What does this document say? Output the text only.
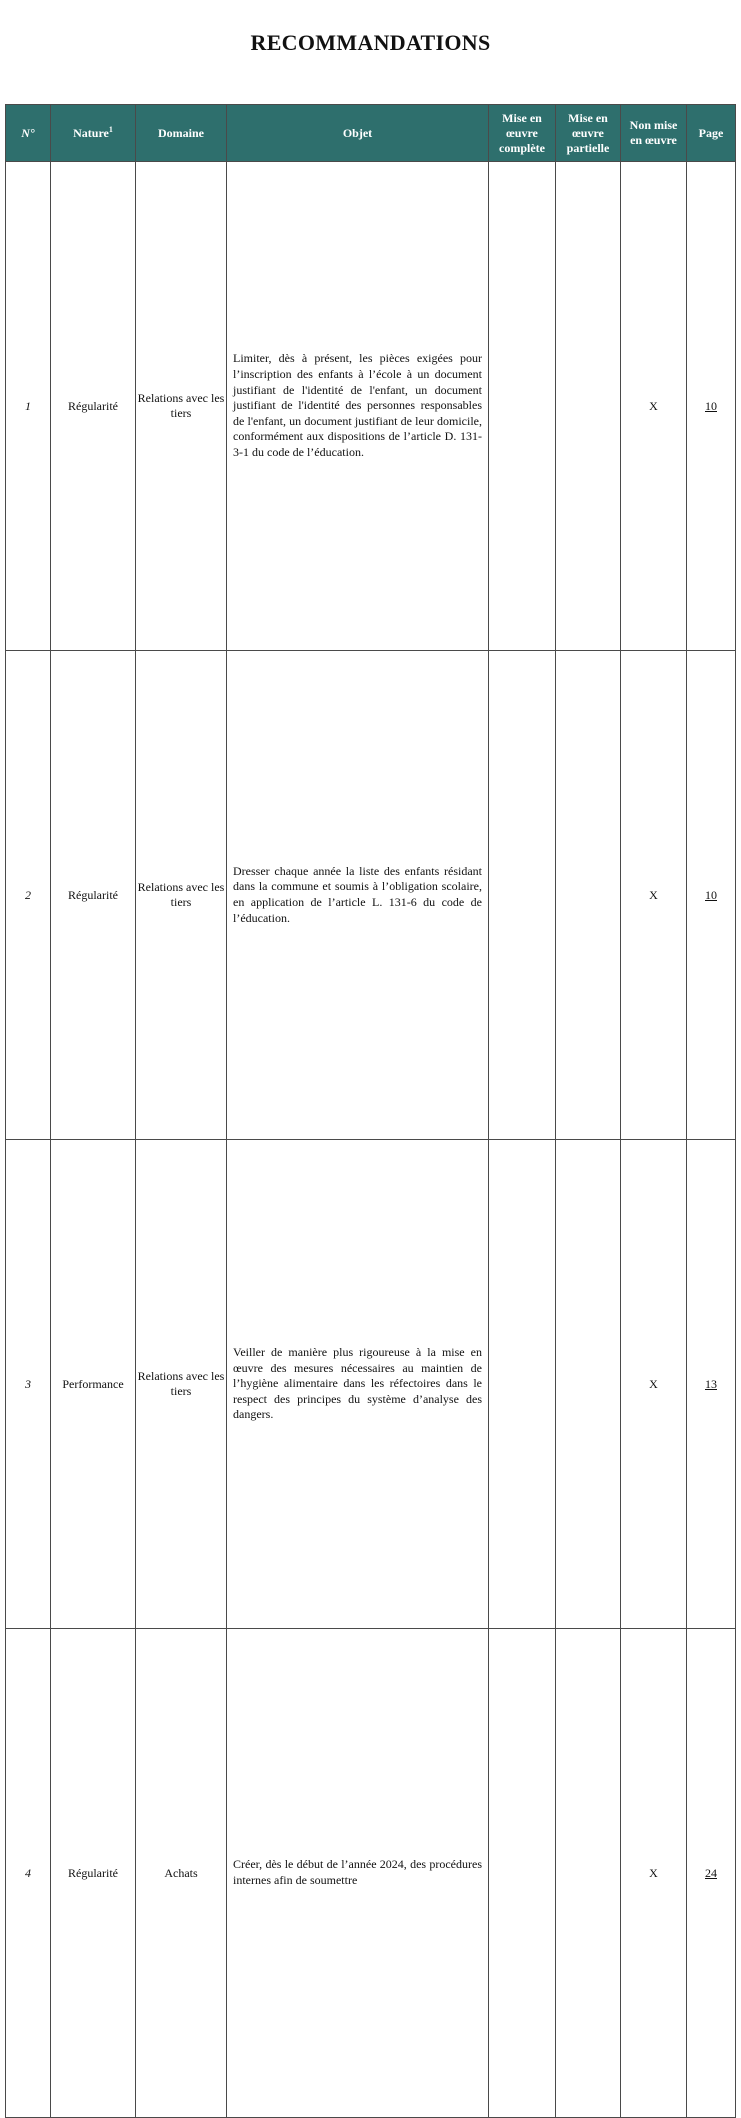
RECOMMANDATIONS
N°	Nature$^1$	Domaine	Objet	Mise en œuvre complète	Mise en œuvre partielle	Non mise en œuvre	Page
1	Régularité	Relations avec les tiers	Limiter, dès à présent, les pièces exigées pour l’inscription des enfants à l’école à un document justifiant de l'identité de l'enfant, un document justifiant de l'identité des personnes responsables de l'enfant, un document justifiant de leur domicile, conformément aux dispositions de l’article D. 131-3-1 du code de l’éducation.			X	10
2	Régularité	Relations avec les tiers	Dresser chaque année la liste des enfants résidant dans la commune et soumis à l’obligation scolaire, en application de l’article L. 131-6 du code de l’éducation.			X	10
3	Performance	Relations avec les tiers	Veiller de manière plus rigoureuse à la mise en œuvre des mesures nécessaires au maintien de l’hygiène alimentaire dans les réfectoires dans le respect des principes du système d’analyse des dangers.			X	13
4	Régularité	Achats	Créer, dès le début de l’année 2024, des procédures internes afin de soumettre			X	24
